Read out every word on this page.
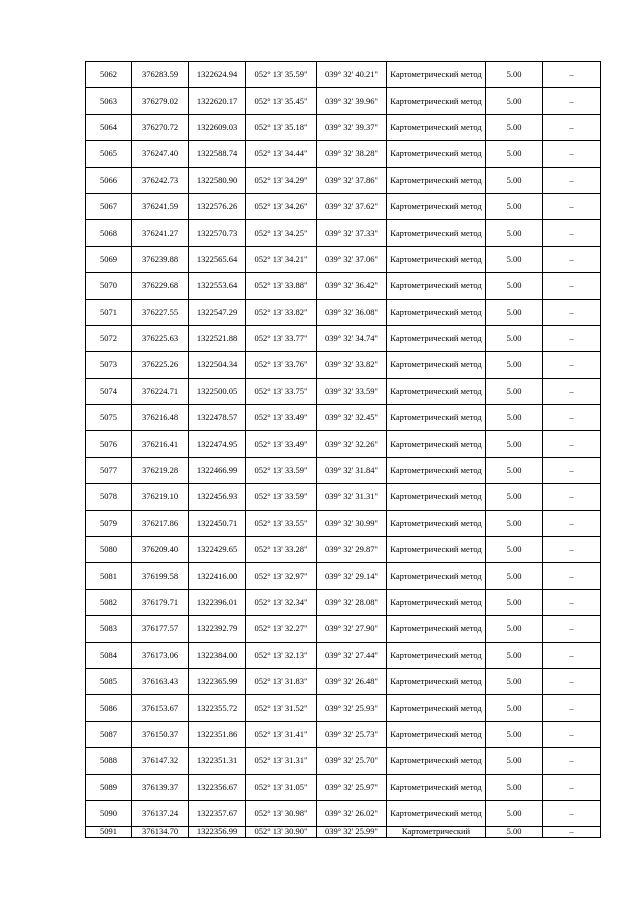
5062	376283.59	1322624.94	052° 13' 35.59"	039° 32' 40.21"	Картометрический метод	5.00	–
5063	376279.02	1322620.17	052° 13' 35.45"	039° 32' 39.96"	Картометрический метод	5.00	–
5064	376270.72	1322609.03	052° 13' 35.18"	039° 32' 39.37"	Картометрический метод	5.00	–
5065	376247.40	1322588.74	052° 13' 34.44"	039° 32' 38.28"	Картометрический метод	5.00	–
5066	376242.73	1322580.90	052° 13' 34.29"	039° 32' 37.86"	Картометрический метод	5.00	–
5067	376241.59	1322576.26	052° 13' 34.26"	039° 32' 37.62"	Картометрический метод	5.00	–
5068	376241.27	1322570.73	052° 13' 34.25"	039° 32' 37.33"	Картометрический метод	5.00	–
5069	376239.88	1322565.64	052° 13' 34.21"	039° 32' 37.06"	Картометрический метод	5.00	–
5070	376229.68	1322553.64	052° 13' 33.88"	039° 32' 36.42"	Картометрический метод	5.00	–
5071	376227.55	1322547.29	052° 13' 33.82"	039° 32' 36.08"	Картометрический метод	5.00	–
5072	376225.63	1322521.88	052° 13' 33.77"	039° 32' 34.74"	Картометрический метод	5.00	–
5073	376225.26	1322504.34	052° 13' 33.76"	039° 32' 33.82"	Картометрический метод	5.00	–
5074	376224.71	1322500.05	052° 13' 33.75"	039° 32' 33.59"	Картометрический метод	5.00	–
5075	376216.48	1322478.57	052° 13' 33.49"	039° 32' 32.45"	Картометрический метод	5.00	–
5076	376216.41	1322474.95	052° 13' 33.49"	039° 32' 32.26"	Картометрический метод	5.00	–
5077	376219.28	1322466.99	052° 13' 33.59"	039° 32' 31.84"	Картометрический метод	5.00	–
5078	376219.10	1322456.93	052° 13' 33.59"	039° 32' 31.31"	Картометрический метод	5.00	–
5079	376217.86	1322450.71	052° 13' 33.55"	039° 32' 30.99"	Картометрический метод	5.00	–
5080	376209.40	1322429.65	052° 13' 33.28"	039° 32' 29.87"	Картометрический метод	5.00	–
5081	376199.58	1322416.00	052° 13' 32.97"	039° 32' 29.14"	Картометрический метод	5.00	–
5082	376179.71	1322396.01	052° 13' 32.34"	039° 32' 28.08"	Картометрический метод	5.00	–
5083	376177.57	1322392.79	052° 13' 32.27"	039° 32' 27.90"	Картометрический метод	5.00	–
5084	376173.06	1322384.00	052° 13' 32.13"	039° 32' 27.44"	Картометрический метод	5.00	–
5085	376163.43	1322365.99	052° 13' 31.83"	039° 32' 26.48"	Картометрический метод	5.00	–
5086	376153.67	1322355.72	052° 13' 31.52"	039° 32' 25.93"	Картометрический метод	5.00	–
5087	376150.37	1322351.86	052° 13' 31.41"	039° 32' 25.73"	Картометрический метод	5.00	–
5088	376147.32	1322351.31	052° 13' 31.31"	039° 32' 25.70"	Картометрический метод	5.00	–
5089	376139.37	1322356.67	052° 13' 31.05"	039° 32' 25.97"	Картометрический метод	5.00	–
5090	376137.24	1322357.67	052° 13' 30.98"	039° 32' 26.02"	Картометрический метод	5.00	–
5091	376134.70	1322356.99	052° 13' 30.90"	039° 32' 25.99"	Картометрический	5.00	–
